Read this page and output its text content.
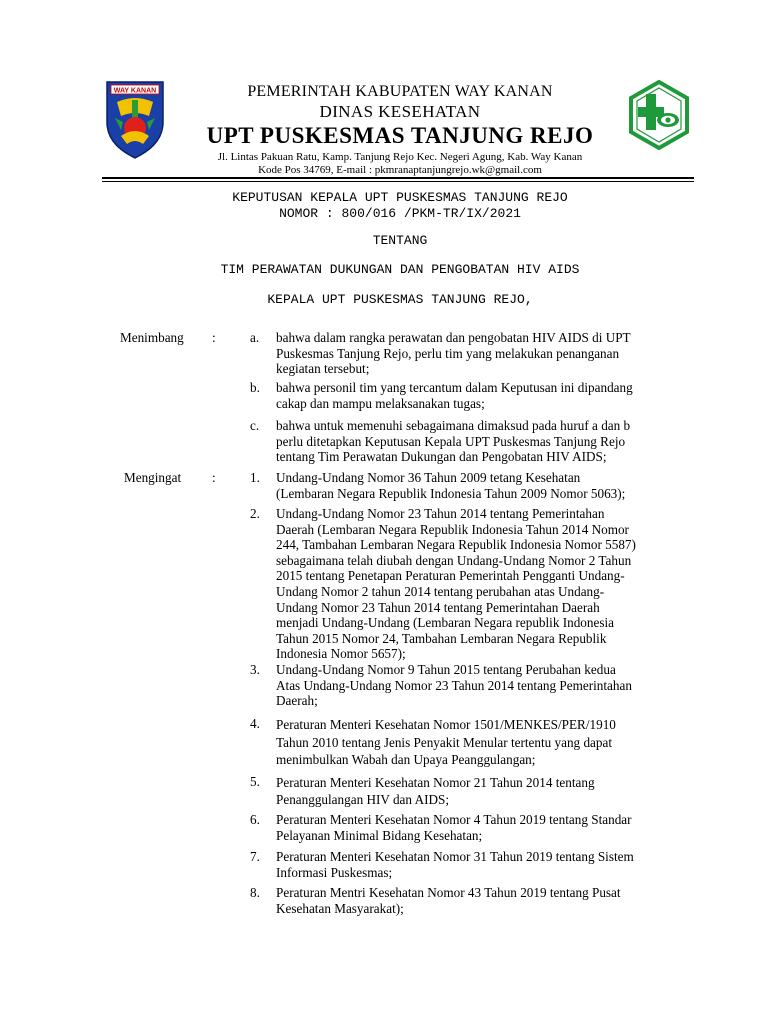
WAY KANAN	PEMERINTAH KABUPATEN WAY KANAN
DINAS KESEHATAN
UPT PUSKESMAS TANJUNG REJO
Jl. Lintas Pakuan Ratu, Kamp. Tanjung Rejo Kec. Negeri Agung, Kab. Way Kanan
Kode Pos 34769, E-mail : pkmranaptanjungrejo.wk@gmail.com
KEPUTUSAN KEPALA UPT PUSKESMAS TANJUNG REJO
NOMOR : 800/016 /PKM-TR/IX/2021
TENTANG
TIM PERAWATAN DUKUNGAN DAN PENGOBATAN HIV AIDS
KEPALA UPT PUSKESMAS TANJUNG REJO,
Menimbang	:	a.	bahwa dalam rangka perawatan dan pengobatan HIV AIDS di UPT
Puskesmas Tanjung Rejo, perlu tim yang melakukan penanganan
kegiatan tersebut;
b.	bahwa personil tim yang tercantum dalam Keputusan ini dipandang
cakap dan mampu melaksanakan tugas;
c.	bahwa untuk memenuhi sebagaimana dimaksud pada huruf a dan b
perlu ditetapkan Keputusan Kepala UPT Puskesmas Tanjung Rejo
tentang Tim Perawatan Dukungan dan Pengobatan HIV AIDS;
Mengingat	:	1.	Undang-Undang Nomor 36 Tahun 2009 tetang Kesehatan
(Lembaran Negara Republik Indonesia Tahun 2009 Nomor 5063);
2.	Undang-Undang Nomor 23 Tahun 2014 tentang Pemerintahan
Daerah (Lembaran Negara Republik Indonesia Tahun 2014 Nomor
244, Tambahan Lembaran Negara Republik Indonesia Nomor 5587)
sebagaimana telah diubah dengan Undang-Undang Nomor 2 Tahun
2015 tentang Penetapan Peraturan Pemerintah Pengganti Undang-
Undang Nomor 2 tahun 2014 tentang perubahan atas Undang-
Undang Nomor 23 Tahun 2014 tentang Pemerintahan Daerah
menjadi Undang-Undang (Lembaran Negara republik Indonesia
Tahun 2015 Nomor 24, Tambahan Lembaran Negara Republik
Indonesia Nomor 5657);
3.	Undang-Undang Nomor 9 Tahun 2015 tentang Perubahan kedua
Atas Undang-Undang Nomor 23 Tahun 2014 tentang Pemerintahan
Daerah;
4.	Peraturan Menteri Kesehatan Nomor 1501/MENKES/PER/1910
Tahun 2010 tentang Jenis Penyakit Menular tertentu yang dapat
menimbulkan Wabah dan Upaya Peanggulangan;
5.	Peraturan Menteri Kesehatan Nomor 21 Tahun 2014 tentang
Penanggulangan HIV dan AIDS;
6.	Peraturan Menteri Kesehatan Nomor 4 Tahun 2019 tentang Standar
Pelayanan Minimal Bidang Kesehatan;
7.	Peraturan Menteri Kesehatan Nomor 31 Tahun 2019 tentang Sistem
Informasi Puskesmas;
8.	Peraturan Mentri Kesehatan Nomor 43 Tahun 2019 tentang Pusat
Kesehatan Masyarakat);
